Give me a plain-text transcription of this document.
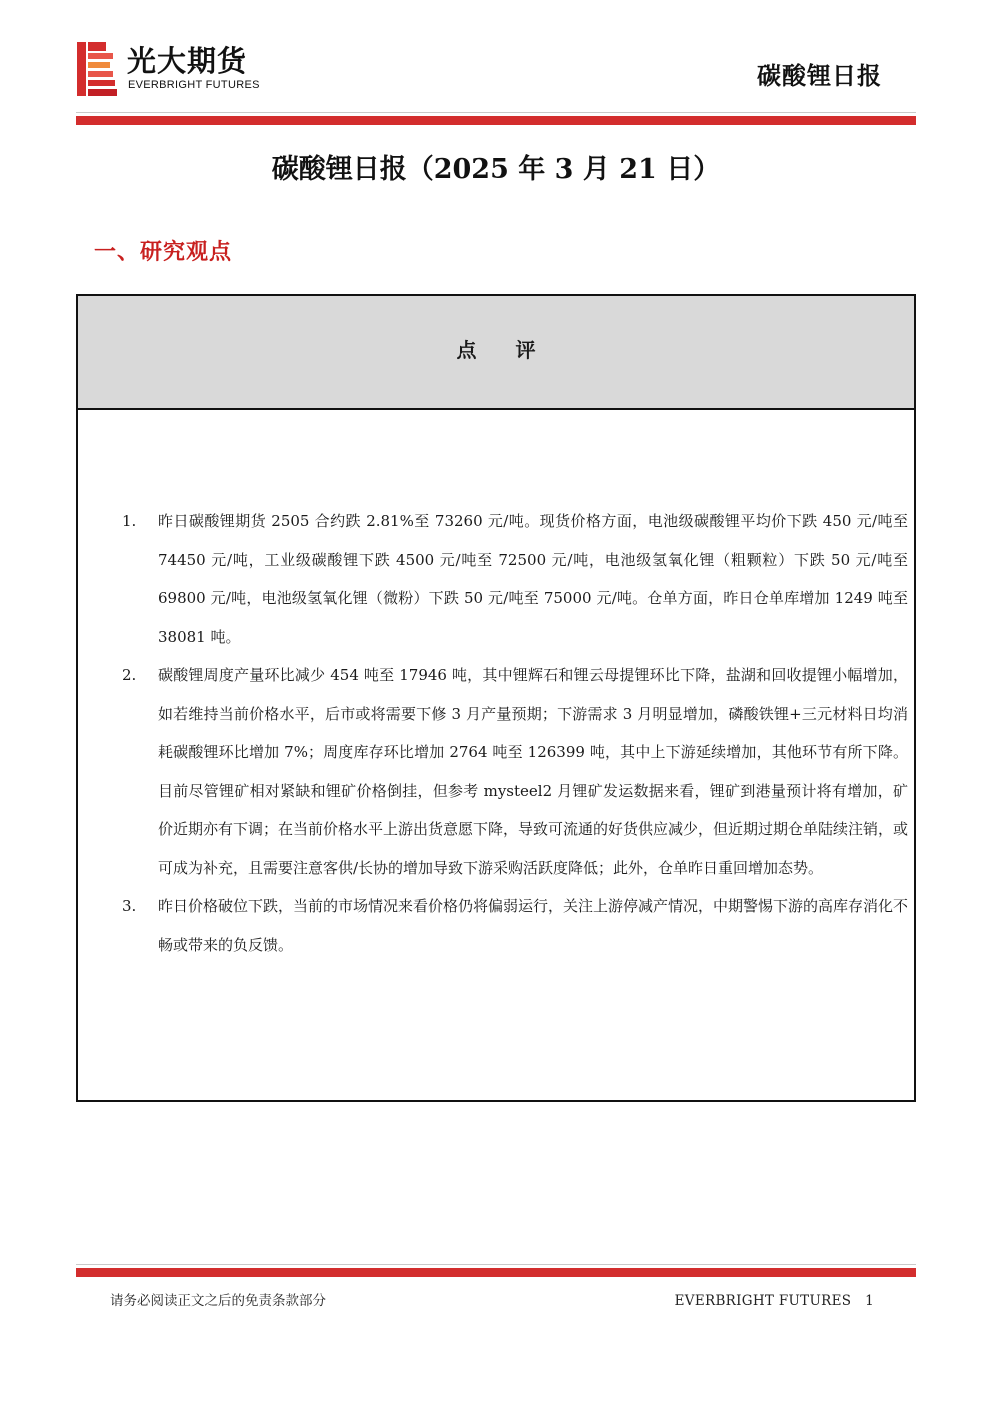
光大期货
EVERBRIGHT FUTURES	碳酸锂日报
碳酸锂日报（2025 年 3 月 21 日）
一、研究观点
点 评
1. 昨日碳酸锂期货 2505 合约跌 2.81%至 73260 元/吨。现货价格方面，电池级碳酸锂平均价下跌 450 元/吨至 74450 元/吨，工业级碳酸锂下跌 4500 元/吨至 72500 元/吨，电池级氢氧化锂（粗颗粒）下跌 50 元/吨至 69800 元/吨，电池级氢氧化锂（微粉）下跌 50 元/吨至 75000 元/吨。仓单方面，昨日仓单库增加 1249 吨至 38081 吨。
2. 碳酸锂周度产量环比减少 454 吨至 17946 吨，其中锂辉石和锂云母提锂环比下降，盐湖和回收提锂小幅增加，如若维持当前价格水平，后市或将需要下修 3 月产量预期；下游需求 3 月明显增加，磷酸铁锂+三元材料日均消耗碳酸锂环比增加 7%；周度库存环比增加 2764 吨至 126399 吨，其中上下游延续增加，其他环节有所下降。目前尽管锂矿相对紧缺和锂矿价格倒挂，但参考 mysteel2 月锂矿发运数据来看，锂矿到港量预计将有增加，矿价近期亦有下调；在当前价格水平上游出货意愿下降，导致可流通的好货供应减少，但近期过期仓单陆续注销，或可成为补充，且需要注意客供/长协的增加导致下游采购活跃度降低；此外，仓单昨日重回增加态势。
3. 昨日价格破位下跌，当前的市场情况来看价格仍将偏弱运行，关注上游停减产情况，中期警惕下游的高库存消化不畅或带来的负反馈。
请务必阅读正文之后的免责条款部分	EVERBRIGHT FUTURES 1
